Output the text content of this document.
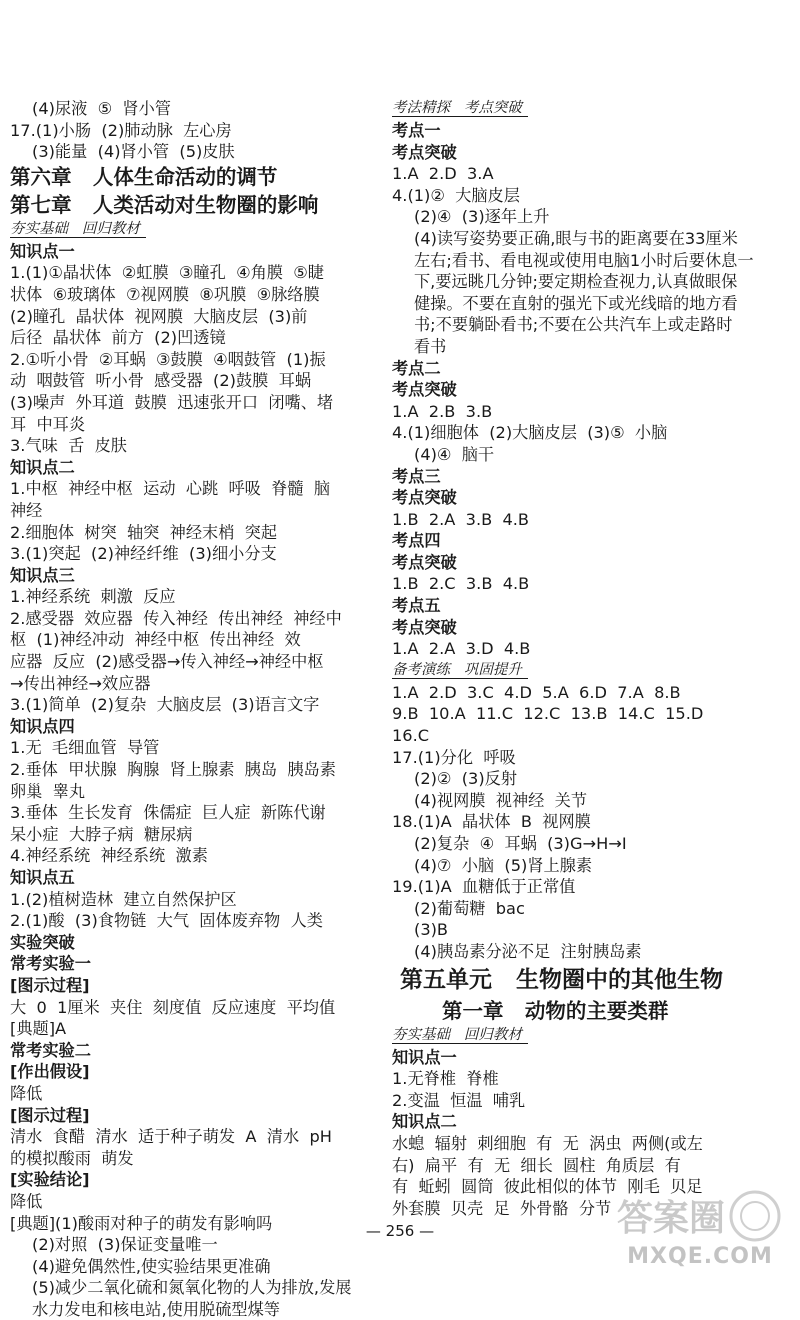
(4)尿液  ⑤  肾小管
17.(1)小肠  (2)肺动脉  左心房
(3)能量  (4)肾小管  (5)皮肤
第六章   人体生命活动的调节
第七章   人类活动对生物圈的影响
夯实基础   回归教材
知识点一
1.(1)①晶状体  ②虹膜  ③瞳孔  ④角膜  ⑤睫
状体  ⑥玻璃体  ⑦视网膜  ⑧巩膜  ⑨脉络膜
(2)瞳孔  晶状体  视网膜  大脑皮层  (3)前
后径  晶状体  前方  (2)凹透镜
2.①听小骨  ②耳蜗  ③鼓膜  ④咽鼓管  (1)振
动  咽鼓管  听小骨  感受器  (2)鼓膜  耳蜗
(3)噪声  外耳道  鼓膜  迅速张开口  闭嘴、堵
耳  中耳炎
3.气味  舌  皮肤
知识点二
1.中枢  神经中枢  运动  心跳  呼吸  脊髓  脑
神经
2.细胞体  树突  轴突  神经末梢  突起
3.(1)突起  (2)神经纤维  (3)细小分支
知识点三
1.神经系统  刺激  反应
2.感受器  效应器  传入神经  传出神经  神经中
枢  (1)神经冲动  神经中枢  传出神经  效
应器  反应  (2)感受器→传入神经→神经中枢
→传出神经→效应器
3.(1)简单  (2)复杂  大脑皮层  (3)语言文字
知识点四
1.无  毛细血管  导管
2.垂体  甲状腺  胸腺  肾上腺素  胰岛  胰岛素
卵巢  睾丸
3.垂体  生长发育  侏儒症  巨人症  新陈代谢
呆小症  大脖子病  糖尿病
4.神经系统  神经系统  激素
知识点五
1.(2)植树造林  建立自然保护区
2.(1)酸  (3)食物链  大气  固体废弃物  人类
实验突破
常考实验一
[图示过程]
大  0  1厘米  夹住  刻度值  反应速度  平均值
[典题]A
常考实验二
[作出假设]
降低
[图示过程]
清水  食醋  清水  适于种子萌发  A  清水  pH
的模拟酸雨  萌发
[实验结论]
降低
[典题](1)酸雨对种子的萌发有影响吗
(2)对照  (3)保证变量唯一
(4)避免偶然性,使实验结果更准确
(5)减少二氧化硫和氮氧化物的人为排放,发展
水力发电和核电站,使用脱硫型煤等
考法精探   考点突破
考点一
考点突破
1.A  2.D  3.A
4.(1)②  大脑皮层
(2)④  (3)逐年上升
(4)读写姿势要正确,眼与书的距离要在33厘米
左右;看书、看电视或使用电脑1小时后要休息一
下,要远眺几分钟;要定期检查视力,认真做眼保
健操。不要在直射的强光下或光线暗的地方看
书;不要躺卧看书;不要在公共汽车上或走路时
看书
考点二
考点突破
1.A  2.B  3.B
4.(1)细胞体  (2)大脑皮层  (3)⑤  小脑
(4)④  脑干
考点三
考点突破
1.B  2.A  3.B  4.B
考点四
考点突破
1.B  2.C  3.B  4.B
考点五
考点突破
1.A  2.A  3.D  4.B
备考演练   巩固提升
1.A  2.D  3.C  4.D  5.A  6.D  7.A  8.B
9.B  10.A  11.C  12.C  13.B  14.C  15.D
16.C
17.(1)分化  呼吸
(2)②  (3)反射
(4)视网膜  视神经  关节
18.(1)A  晶状体  B  视网膜
(2)复杂  ④  耳蜗  (3)G→H→I
(4)⑦  小脑  (5)肾上腺素
19.(1)A  血糖低于正常值
(2)葡萄糖  bac
(3)B
(4)胰岛素分泌不足  注射胰岛素
第五单元   生物圈中的其他生物
第一章   动物的主要类群
夯实基础   回归教材
知识点一
1.无脊椎  脊椎
2.变温  恒温  哺乳
知识点二
水螅  辐射  刺细胞  有  无  涡虫  两侧(或左
右)  扁平  有  无  细长  圆柱  角质层  有
有  蚯蚓  圆筒  彼此相似的体节  刚毛  贝足
外套膜  贝壳  足  外骨骼  分节
— 256 —	答案圈
MXQE.COM
